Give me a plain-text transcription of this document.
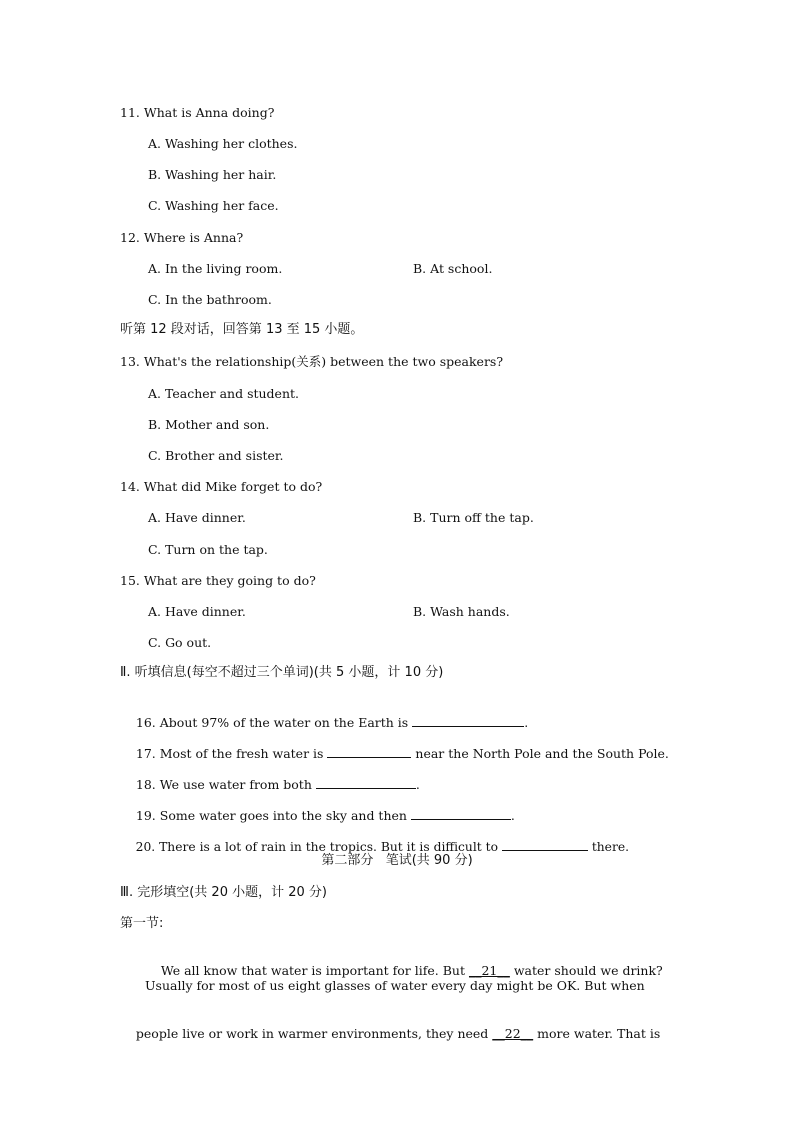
11. What is Anna doing?
A. Washing her clothes.
B. Washing her hair.
C. Washing her face.
12. Where is Anna?
A. In the living room.	B. At school.
C. In the bathroom.
听第 12 段对话，回答第 13 至 15 小题。
13. What's the relationship(关系) between the two speakers?
A. Teacher and student.
B. Mother and son.
C. Brother and sister.
14. What did Mike forget to do?
A. Have dinner.	B. Turn off the tap.
C. Turn on the tap.
15. What are they going to do?
A. Have dinner.	B. Wash hands.
C. Go out.
Ⅱ. 听填信息(每空不超过三个单词)(共 5 小题，计 10 分)

16. About 97% of the water on the Earth is	.

17. Most of the fresh water is	near the North Pole and the South Pole.

18. We use water from both	.

19. Some water goes into the sky and then	.

20. There is a lot of rain in the tropics. But it is difficult to	there.

第二部分   笔试(共 90 分)
Ⅲ. 完形填空(共 20 小题，计 20 分)
第一节:

We all know that water is important for life. But __21__ water should we drink?

Usually for most of us eight glasses of water every day might be OK. But when

people live or work in warmer environments, they need __22__ more water. That is
